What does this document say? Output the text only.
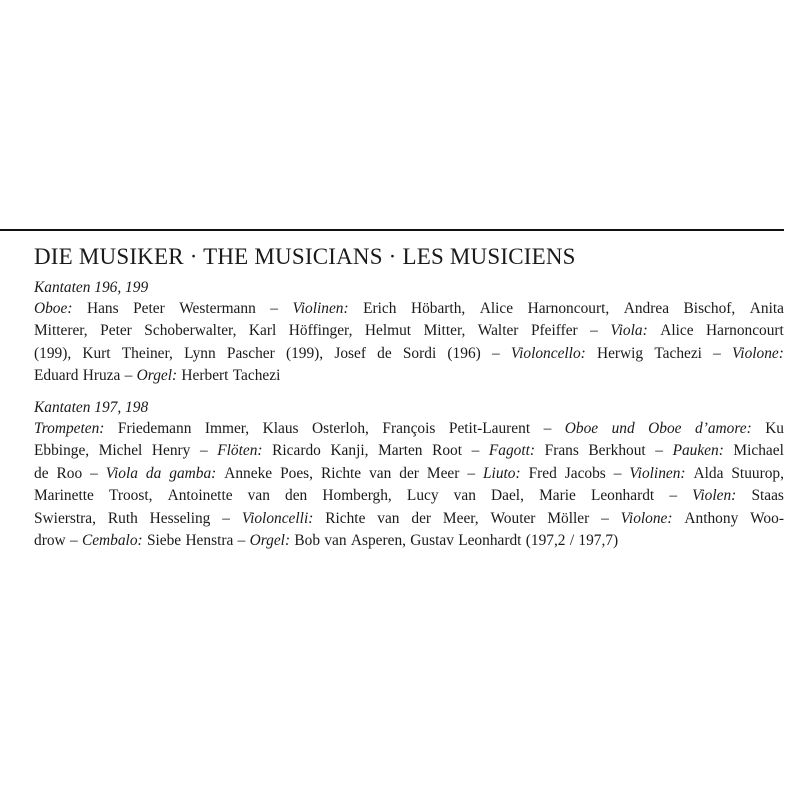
DIE MUSIKER · THE MUSICIANS · LES MUSICIENS
Kantaten 196, 199
Oboe: Hans Peter Westermann – Violinen: Erich Höbarth, Alice Harnoncourt, Andrea Bischof, Anita
Mitterer, Peter Schoberwalter, Karl Höffinger, Helmut Mitter, Walter Pfeiffer – Viola: Alice Harnoncourt
(199), Kurt Theiner, Lynn Pascher (199), Josef de Sordi (196) – Violoncello: Herwig Tachezi – Violone:
Eduard Hruza – Orgel: Herbert Tachezi
Kantaten 197, 198
Trompeten: Friedemann Immer, Klaus Osterloh, François Petit-Laurent – Oboe und Oboe d’amore: Ku
Ebbinge, Michel Henry – Flöten: Ricardo Kanji, Marten Root – Fagott: Frans Berkhout – Pauken: Michael
de Roo – Viola da gamba: Anneke Poes, Richte van der Meer – Liuto: Fred Jacobs – Violinen: Alda Stuurop,
Marinette Troost, Antoinette van den Hombergh, Lucy van Dael, Marie Leonhardt – Violen: Staas
Swierstra, Ruth Hesseling – Violoncelli: Richte van der Meer, Wouter Möller – Violone: Anthony Woo-
drow – Cembalo: Siebe Henstra – Orgel: Bob van Asperen, Gustav Leonhardt (197,2 / 197,7)
